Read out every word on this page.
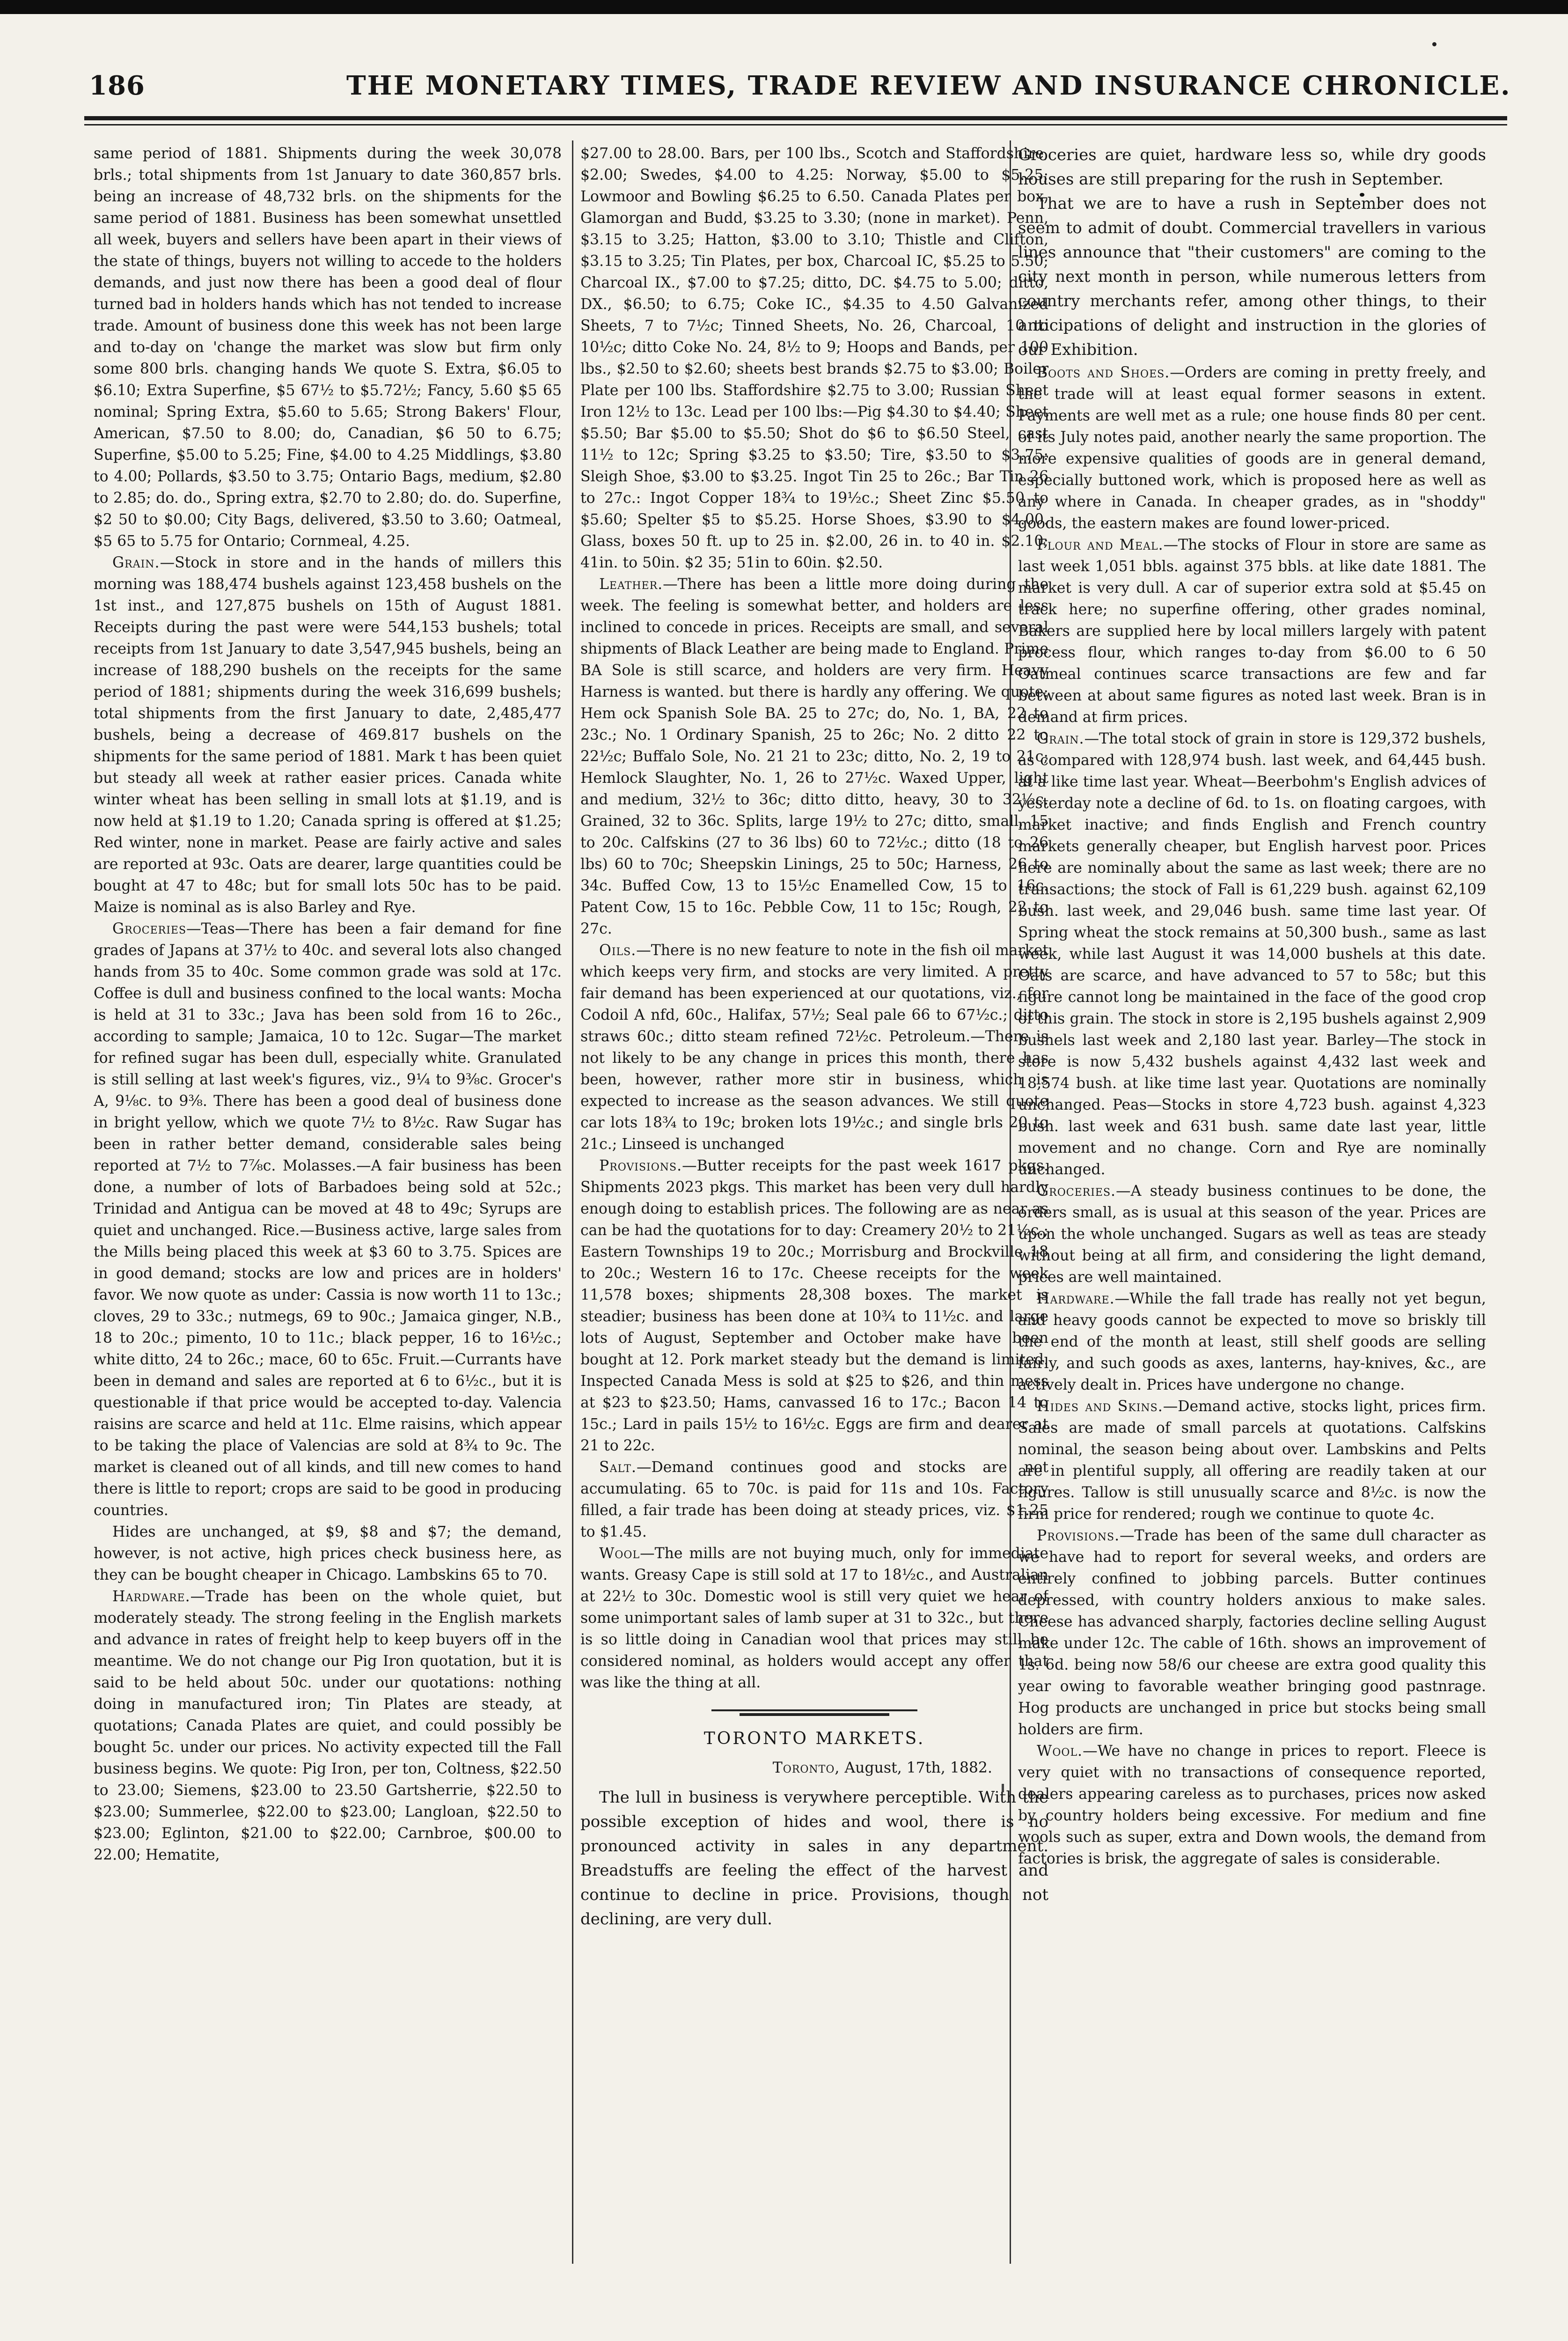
186	THE MONETARY TIMES, TRADE REVIEW AND INSURANCE CHRONICLE.

same period of 1881. Shipments during the week 30,078 brls.; total shipments from 1st January to date 360,857 brls. being an increase of 48,732 brls. on the shipments for the same period of 1881. Business has been somewhat unsettled all week, buyers and sellers have been apart in their views of the state of things, buyers not willing to accede to the holders demands, and just now there has been a good deal of flour turned bad in holders hands which has not tended to increase trade. Amount of business done this week has not been large and to-day on 'change the market was slow but firm only some 800 brls. changing hands We quote S. Extra, $6.05 to $6.10; Extra Superfine, $5 67½ to $5.72½; Fancy, 5.60 $5 65 nominal; Spring Extra, $5.60 to 5.65; Strong Bakers' Flour, American, $7.50 to 8.00; do, Canadian, $6 50 to 6.75; Superfine, $5.00 to 5.25; Fine, $4.00 to 4.25 Middlings, $3.80 to 4.00; Pollards, $3.50 to 3.75; Ontario Bags, medium, $2.80 to 2.85; do. do., Spring extra, $2.70 to 2.80; do. do. Superfine, $2 50 to $0.00; City Bags, delivered, $3.50 to 3.60; Oatmeal, $5 65 to 5.75 for Ontario; Cornmeal, 4.25.

Grain.—Stock in store and in the hands of millers this morning was 188,474 bushels against 123,458 bushels on the 1st inst., and 127,875 bushels on 15th of August 1881. Receipts during the past were were 544,153 bushels; total receipts from 1st January to date 3,547,945 bushels, being an increase of 188,290 bushels on the receipts for the same period of 1881; shipments during the week 316,699 bushels; total shipments from the first January to date, 2,485,477 bushels, being a decrease of 469.817 bushels on the shipments for the same period of 1881. Mark t has been quiet but steady all week at rather easier prices. Canada white winter wheat has been selling in small lots at $1.19, and is now held at $1.19 to 1.20; Canada spring is offered at $1.25; Red winter, none in market. Pease are fairly active and sales are reported at 93c. Oats are dearer, large quantities could be bought at 47 to 48c; but for small lots 50c has to be paid. Maize is nominal as is also Barley and Rye.

Groceries—Teas—There has been a fair demand for fine grades of Japans at 37½ to 40c. and several lots also changed hands from 35 to 40c. Some common grade was sold at 17c. Coffee is dull and business confined to the local wants: Mocha is held at 31 to 33c.; Java has been sold from 16 to 26c., according to sample; Jamaica, 10 to 12c. Sugar—The market for refined sugar has been dull, especially white. Granulated is still selling at last week's figures, viz., 9¼ to 9⅜c. Grocer's A, 9⅛c. to 9⅜. There has been a good deal of business done in bright yellow, which we quote 7½ to 8½c. Raw Sugar has been in rather better demand, considerable sales being reported at 7½ to 7⅞c. Molasses.—A fair business has been done, a number of lots of Barbadoes being sold at 52c.; Trinidad and Antigua can be moved at 48 to 49c; Syrups are quiet and unchanged. Rice.—Business active, large sales from the Mills being placed this week at $3 60 to 3.75. Spices are in good demand; stocks are low and prices are in holders' favor. We now quote as under: Cassia is now worth 11 to 13c.; cloves, 29 to 33c.; nutmegs, 69 to 90c.; Jamaica ginger, N.B., 18 to 20c.; pimento, 10 to 11c.; black pepper, 16 to 16½c.; white ditto, 24 to 26c.; mace, 60 to 65c. Fruit.—Currants have been in demand and sales are reported at 6 to 6½c., but it is questionable if that price would be accepted to-day. Valencia raisins are scarce and held at 11c. Elme raisins, which appear to be taking the place of Valencias are sold at 8¾ to 9c. The market is cleaned out of all kinds, and till new comes to hand there is little to report; crops are said to be good in producing countries.

Hides are unchanged, at $9, $8 and $7; the demand, however, is not active, high prices check business here, as they can be bought cheaper in Chicago. Lambskins 65 to 70.

Hardware.—Trade has been on the whole quiet, but moderately steady. The strong feeling in the English markets and advance in rates of freight help to keep buyers off in the meantime. We do not change our Pig Iron quotation, but it is said to be held about 50c. under our quotations: nothing doing in manufactured iron; Tin Plates are steady, at quotations; Canada Plates are quiet, and could possibly be bought 5c. under our prices. No activity expected till the Fall business begins. We quote: Pig Iron, per ton, Coltness, $22.50 to 23.00; Siemens, $23.00 to 23.50 Gartsherrie, $22.50 to $23.00; Summerlee, $22.00 to $23.00; Langloan, $22.50 to $23.00; Eglinton, $21.00 to $22.00; Carnbroe, $00.00 to 22.00; Hematite,

$27.00 to 28.00. Bars, per 100 lbs., Scotch and Staffordshire, $2.00; Swedes, $4.00 to 4.25: Norway, $5.00 to $5.25; Lowmoor and Bowling $6.25 to 6.50. Canada Plates per box, Glamorgan and Budd, $3.25 to 3.30; (none in market). Penn, $3.15 to 3.25; Hatton, $3.00 to 3.10; Thistle and Clifton, $3.15 to 3.25; Tin Plates, per box, Charcoal IC, $5.25 to 5.50; Charcoal IX., $7.00 to $7.25; ditto, DC. $4.75 to 5.00; ditto, DX., $6.50; to 6.75; Coke IC., $4.35 to 4.50 Galvanized Sheets, 7 to 7½c; Tinned Sheets, No. 26, Charcoal, 10 to 10½c; ditto Coke No. 24, 8½ to 9; Hoops and Bands, per 100 lbs., $2.50 to $2.60; sheets best brands $2.75 to $3.00; Boiler Plate per 100 lbs. Staffordshire $2.75 to 3.00; Russian Sheet Iron 12½ to 13c. Lead per 100 lbs:—Pig $4.30 to $4.40; Sheet $5.50; Bar $5.00 to $5.50; Shot do $6 to $6.50 Steel, cast 11½ to 12c; Spring $3.25 to $3.50; Tire, $3.50 to $3.75: Sleigh Shoe, $3.00 to $3.25. Ingot Tin 25 to 26c.; Bar Tin 26 to 27c.: Ingot Copper 18¾ to 19½c.; Sheet Zinc $5.50 to $5.60; Spelter $5 to $5.25. Horse Shoes, $3.90 to $4.00. Glass, boxes 50 ft. up to 25 in. $2.00, 26 in. to 40 in. $2.10; 41in. to 50in. $2 35; 51in to 60in. $2.50.

Leather.—There has been a little more doing during the week. The feeling is somewhat better, and holders are less inclined to concede in prices. Receipts are small, and several shipments of Black Leather are being made to England. Prime BA Sole is still scarce, and holders are very firm. Heavy Harness is wanted. but there is hardly any offering. We quote: Hem ock Spanish Sole BA. 25 to 27c; do, No. 1, BA, 22 to 23c.; No. 1 Ordinary Spanish, 25 to 26c; No. 2 ditto 22 to 22½c; Buffalo Sole, No. 21 21 to 23c; ditto, No. 2, 19 to 21c; Hemlock Slaughter, No. 1, 26 to 27½c. Waxed Upper, light and medium, 32½ to 36c; ditto ditto, heavy, 30 to 32½c. Grained, 32 to 36c. Splits, large 19½ to 27c; ditto, small, 15 to 20c. Calfskins (27 to 36 lbs) 60 to 72½c.; ditto (18 to 26 lbs) 60 to 70c; Sheepskin Linings, 25 to 50c; Harness, 26 to 34c. Buffed Cow, 13 to 15½c Enamelled Cow, 15 to 16c. Patent Cow, 15 to 16c. Pebble Cow, 11 to 15c; Rough, 22 to 27c.

Oils.—There is no new feature to note in the fish oil market which keeps very firm, and stocks are very limited. A pretty fair demand has been experienced at our quotations, viz., for Codoil A nfd, 60c., Halifax, 57½; Seal pale 66 to 67½c.; ditto straws 60c.; ditto steam refined 72½c. Petroleum.—There is not likely to be any change in prices this month, there has been, however, rather more stir in business, which is expected to increase as the season advances. We still quote car lots 18¾ to 19c; broken lots 19½c.; and single brls 20 to 21c.; Linseed is unchanged

Provisions.—Butter receipts for the past week 1617 pkgs. Shipments 2023 pkgs. This market has been very dull hardly enough doing to establish prices. The following are as near as can be had the quotations for to day: Creamery 20½ to 21½c.; Eastern Townships 19 to 20c.; Morrisburg and Brockville 18 to 20c.; Western 16 to 17c. Cheese receipts for the week 11,578 boxes; shipments 28,308 boxes. The market is steadier; business has been done at 10¾ to 11½c. and large lots of August, September and October make have been bought at 12. Pork market steady but the demand is limited. Inspected Canada Mess is sold at $25 to $26, and thin mess at $23 to $23.50; Hams, canvassed 16 to 17c.; Bacon 14 to 15c.; Lard in pails 15½ to 16½c. Eggs are firm and dearer at 21 to 22c.

Salt.—Demand continues good and stocks are not accumulating. 65 to 70c. is paid for 11s and 10s. Factory filled, a fair trade has been doing at steady prices, viz. $1.25 to $1.45.

Wool—The mills are not buying much, only for immediate wants. Greasy Cape is still sold at 17 to 18½c., and Australian at 22½ to 30c. Domestic wool is still very quiet we hear of some unimportant sales of lamb super at 31 to 32c., but there is so little doing in Canadian wool that prices may still be considered nominal, as holders would accept any offer that was like the thing at all.

TORONTO MARKETS.
Toronto, August, 17th, 1882.

The lull in business is verywhere perceptible. With the possible exception of hides and wool, there is no pronounced activity in sales in any department. Breadstuffs are feeling the effect of the harvest and continue to decline in price. Provisions, though not declining, are very dull.

Groceries are quiet, hardware less so, while dry goods houses are still preparing for the rush in September.

That we are to have a rush in September does not seem to admit of doubt. Commercial travellers in various lines announce that "their customers" are coming to the city next month in person, while numerous letters from country merchants refer, among other things, to their anticipations of delight and instruction in the glories of our Exhibition.

Boots and Shoes.—Orders are coming in pretty freely, and the trade will at least equal former seasons in extent. Payments are well met as a rule; one house finds 80 per cent. of its July notes paid, another nearly the same proportion. The more expensive qualities of goods are in general demand, especially buttoned work, which is proposed here as well as any where in Canada. In cheaper grades, as in "shoddy" goods, the eastern makes are found lower-priced.

Flour and Meal.—The stocks of Flour in store are same as last week 1,051 bbls. against 375 bbls. at like date 1881. The market is very dull. A car of superior extra sold at $5.45 on track here; no superfine offering, other grades nominal, Bakers are supplied here by local millers largely with patent process flour, which ranges to-day from $6.00 to 6 50 Oatmeal continues scarce transactions are few and far between at about same figures as noted last week. Bran is in demand at firm prices.

Grain.—The total stock of grain in store is 129,372 bushels, as compared with 128,974 bush. last week, and 64,445 bush. at a like time last year. Wheat—Beerbohm's English advices of yesterday note a decline of 6d. to 1s. on floating cargoes, with market inactive; and finds English and French country markets generally cheaper, but English harvest poor. Prices here are nominally about the same as last week; there are no transactions; the stock of Fall is 61,229 bush. against 62,109 bush. last week, and 29,046 bush. same time last year. Of Spring wheat the stock remains at 50,300 bush., same as last week, while last August it was 14,000 bushels at this date. Oats are scarce, and have advanced to 57 to 58c; but this figure cannot long be maintained in the face of the good crop of this grain. The stock in store is 2,195 bushels against 2,909 bushels last week and 2,180 last year. Barley—The stock in store is now 5,432 bushels against 4,432 last week and 18,574 bush. at like time last year. Quotations are nominally unchanged. Peas—Stocks in store 4,723 bush. against 4,323 bush. last week and 631 bush. same date last year, little movement and no change. Corn and Rye are nominally unchanged.

Groceries.—A steady business continues to be done, the orders small, as is usual at this season of the year. Prices are upon the whole unchanged. Sugars as well as teas are steady without being at all firm, and considering the light demand, prices are well maintained.

Hardware.—While the fall trade has really not yet begun, and heavy goods cannot be expected to move so briskly till the end of the month at least, still shelf goods are selling fairly, and such goods as axes, lanterns, hay-knives, &c., are actively dealt in. Prices have undergone no change.

Hides and Skins.—Demand active, stocks light, prices firm. Sales are made of small parcels at quotations. Calfskins nominal, the season being about over. Lambskins and Pelts are in plentiful supply, all offering are readily taken at our figures. Tallow is still unusually scarce and 8½c. is now the firm price for rendered; rough we continue to quote 4c.

Provisions.—Trade has been of the same dull character as we have had to report for several weeks, and orders are entirely confined to jobbing parcels. Butter continues depressed, with country holders anxious to make sales. Cheese has advanced sharply, factories decline selling August make under 12c. The cable of 16th. shows an improvement of 1s. 6d. being now 58/6 our cheese are extra good quality this year owing to favorable weather bringing good pastnrage. Hog products are unchanged in price but stocks being small holders are firm.

Wool.—We have no change in prices to report. Fleece is very quiet with no transactions of consequence reported, dealers appearing careless as to purchases, prices now asked by country holders being excessive. For medium and fine wools such as super, extra and Down wools, the demand from factories is brisk, the aggregate of sales is considerable.
